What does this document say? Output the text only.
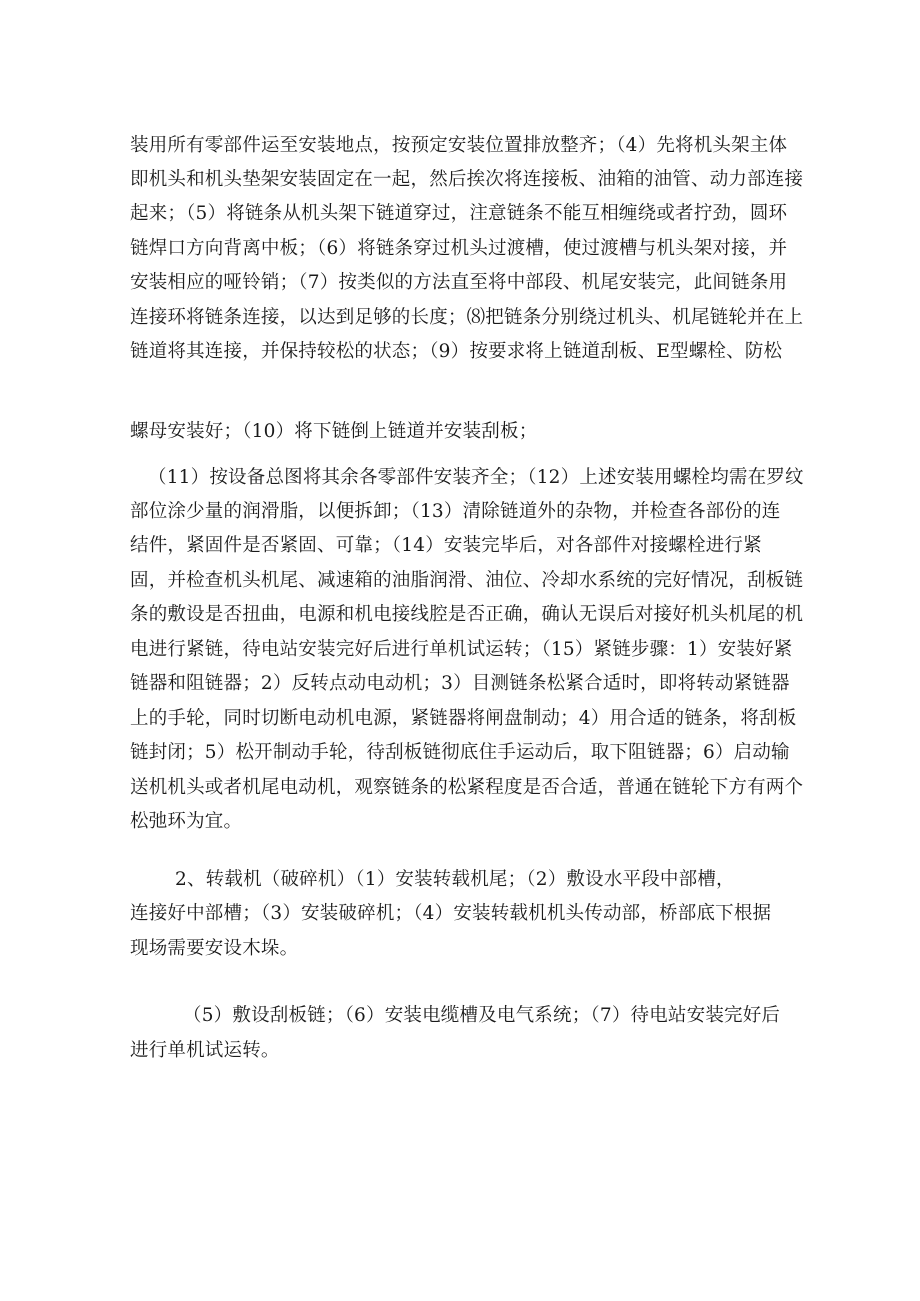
装用所有零部件运至安装地点，按预定安装位置排放整齐；（4）先将机头架主体
即机头和机头垫架安装固定在一起，然后挨次将连接板、油箱的油管、动力部连接
起来；（5）将链条从机头架下链道穿过，注意链条不能互相缠绕或者拧劲，圆环
链焊口方向背离中板；（6）将链条穿过机头过渡槽，使过渡槽与机头架对接，并
安装相应的哑铃销；（7）按类似的方法直至将中部段、机尾安装完，此间链条用
连接环将链条连接，以达到足够的长度；⑻把链条分别绕过机头、机尾链轮并在上
链道将其连接，并保持较松的状态；（9）按要求将上链道刮板、E型螺栓、防松
螺母安装好；（10）将下链倒上链道并安装刮板；
（11）按设备总图将其余各零部件安装齐全；（12）上述安装用螺栓均需在罗纹
部位涂少量的润滑脂，以便拆卸；（13）清除链道外的杂物，并检查各部份的连
结件，紧固件是否紧固、可靠；（14）安装完毕后，对各部件对接螺栓进行紧
固，并检查机头机尾、减速箱的油脂润滑、油位、冷却水系统的完好情况，刮板链
条的敷设是否扭曲，电源和机电接线腔是否正确，确认无误后对接好机头机尾的机
电进行紧链，待电站安装完好后进行单机试运转；（15）紧链步骤：1）安装好紧
链器和阻链器；2）反转点动电动机；3）目测链条松紧合适时，即将转动紧链器
上的手轮，同时切断电动机电源，紧链器将闸盘制动；4）用合适的链条，将刮板
链封闭；5）松开制动手轮，待刮板链彻底住手运动后，取下阻链器；6）启动输
送机机头或者机尾电动机，观察链条的松紧程度是否合适，普通在链轮下方有两个
松弛环为宜。
2、转载机（破碎机）（1）安装转载机尾；（2）敷设水平段中部槽，
连接好中部槽；（3）安装破碎机；（4）安装转载机机头传动部，桥部底下根据
现场需要安设木垛。
（5）敷设刮板链；（6）安装电缆槽及电气系统；（7）待电站安装完好后
进行单机试运转。
